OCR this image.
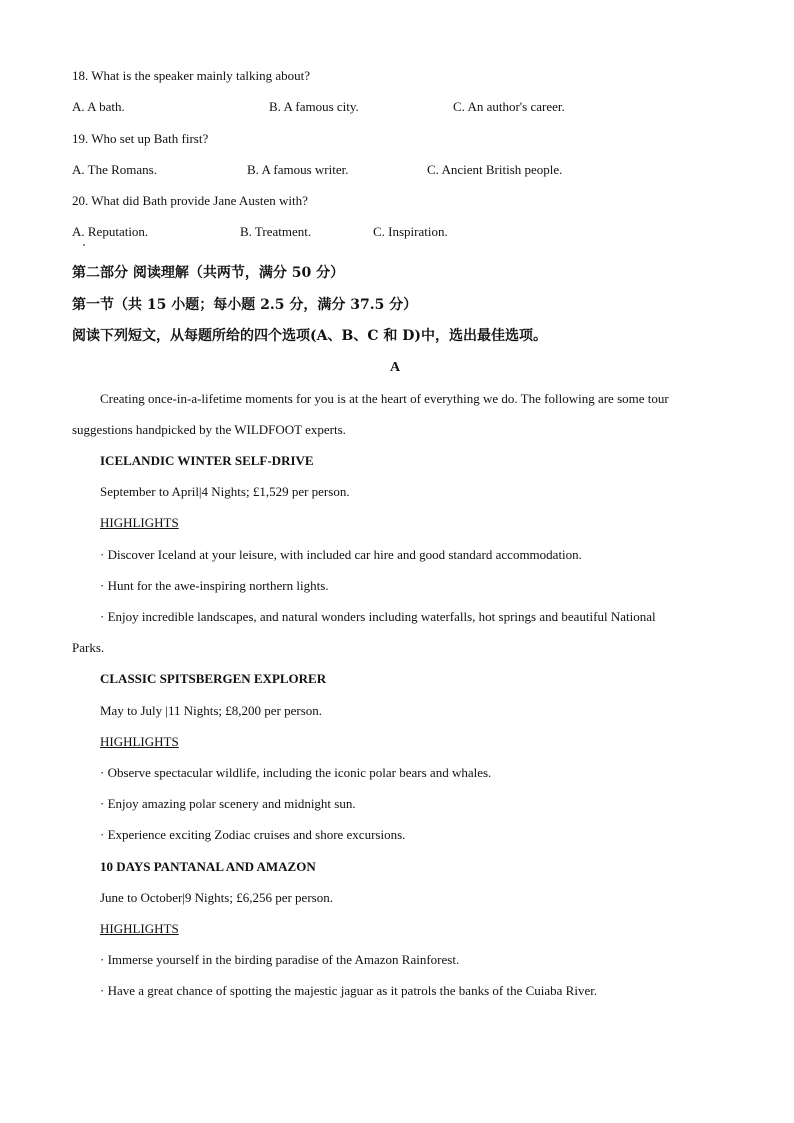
18. What is the speaker mainly talking about?
A. A bath.	B. A famous city.	C. An author's career.
19. Who set up Bath first?
A. The Romans.	B. A famous writer.	C. Ancient British people.
20. What did Bath provide Jane Austen with?
A. Reputation.	B. Treatment.	C. Inspiration.
第二部分 阅读理解（共两节，满分 50 分）
第一节（共 15 小题；每小题 2.5 分，满分 37.5 分）
阅读下列短文，从每题所给的四个选项(A、B、C 和 D)中，选出最佳选项。
A
Creating once-in-a-lifetime moments for you is at the heart of everything we do. The following are some tour
suggestions handpicked by the WILDFOOT experts.
ICELANDIC WINTER SELF-DRIVE
September to April|4 Nights; £1,529 per person.
HIGHLIGHTS
· Discover Iceland at your leisure, with included car hire and good standard accommodation.
· Hunt for the awe-inspiring northern lights.
· Enjoy incredible landscapes, and natural wonders including waterfalls, hot springs and beautiful National
Parks.
CLASSIC SPITSBERGEN EXPLORER
May to July |11 Nights; £8,200 per person.
HIGHLIGHTS
· Observe spectacular wildlife, including the iconic polar bears and whales.
· Enjoy amazing polar scenery and midnight sun.
· Experience exciting Zodiac cruises and shore excursions.
10 DAYS PANTANAL AND AMAZON
June to October|9 Nights; £6,256 per person.
HIGHLIGHTS
· Immerse yourself in the birding paradise of the Amazon Rainforest.
· Have a great chance of spotting the majestic jaguar as it patrols the banks of the Cuiaba River.
